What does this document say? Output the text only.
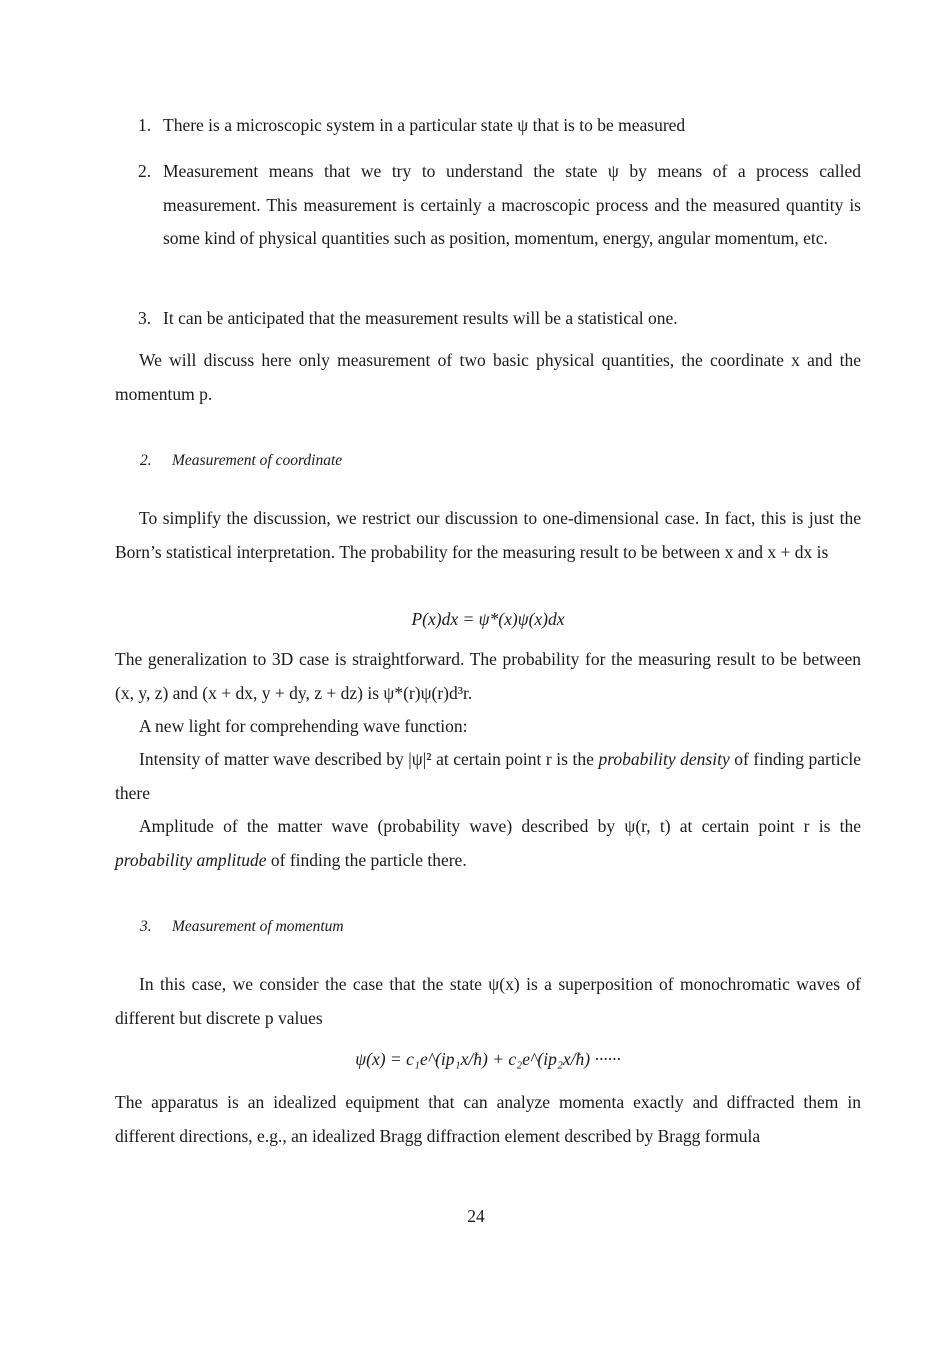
1. There is a microscopic system in a particular state ψ that is to be measured
2. Measurement means that we try to understand the state ψ by means of a process called measurement. This measurement is certainly a macroscopic process and the measured quantity is some kind of physical quantities such as position, momentum, energy, angular momentum, etc.
3. It can be anticipated that the measurement results will be a statistical one.
We will discuss here only measurement of two basic physical quantities, the coordinate x and the momentum p.
2. Measurement of coordinate
To simplify the discussion, we restrict our discussion to one-dimensional case. In fact, this is just the Born’s statistical interpretation. The probability for the measuring result to be between x and x + dx is
P(x)dx = ψ*(x)ψ(x)dx
The generalization to 3D case is straightforward. The probability for the measuring result to be between (x, y, z) and (x + dx, y + dy, z + dz) is ψ*(r)ψ(r)d³r.
A new light for comprehending wave function:
Intensity of matter wave described by |ψ|² at certain point r is the probability density of finding particle there
Amplitude of the matter wave (probability wave) described by ψ(r, t) at certain point r is the probability amplitude of finding the particle there.
3. Measurement of momentum
In this case, we consider the case that the state ψ(x) is a superposition of monochromatic waves of different but discrete p values
ψ(x) = c₁e^(ip₁x/ħ) + c₂e^(ip₂x/ħ) ······
The apparatus is an idealized equipment that can analyze momenta exactly and diffracted them in different directions, e.g., an idealized Bragg diffraction element described by Bragg formula
24
